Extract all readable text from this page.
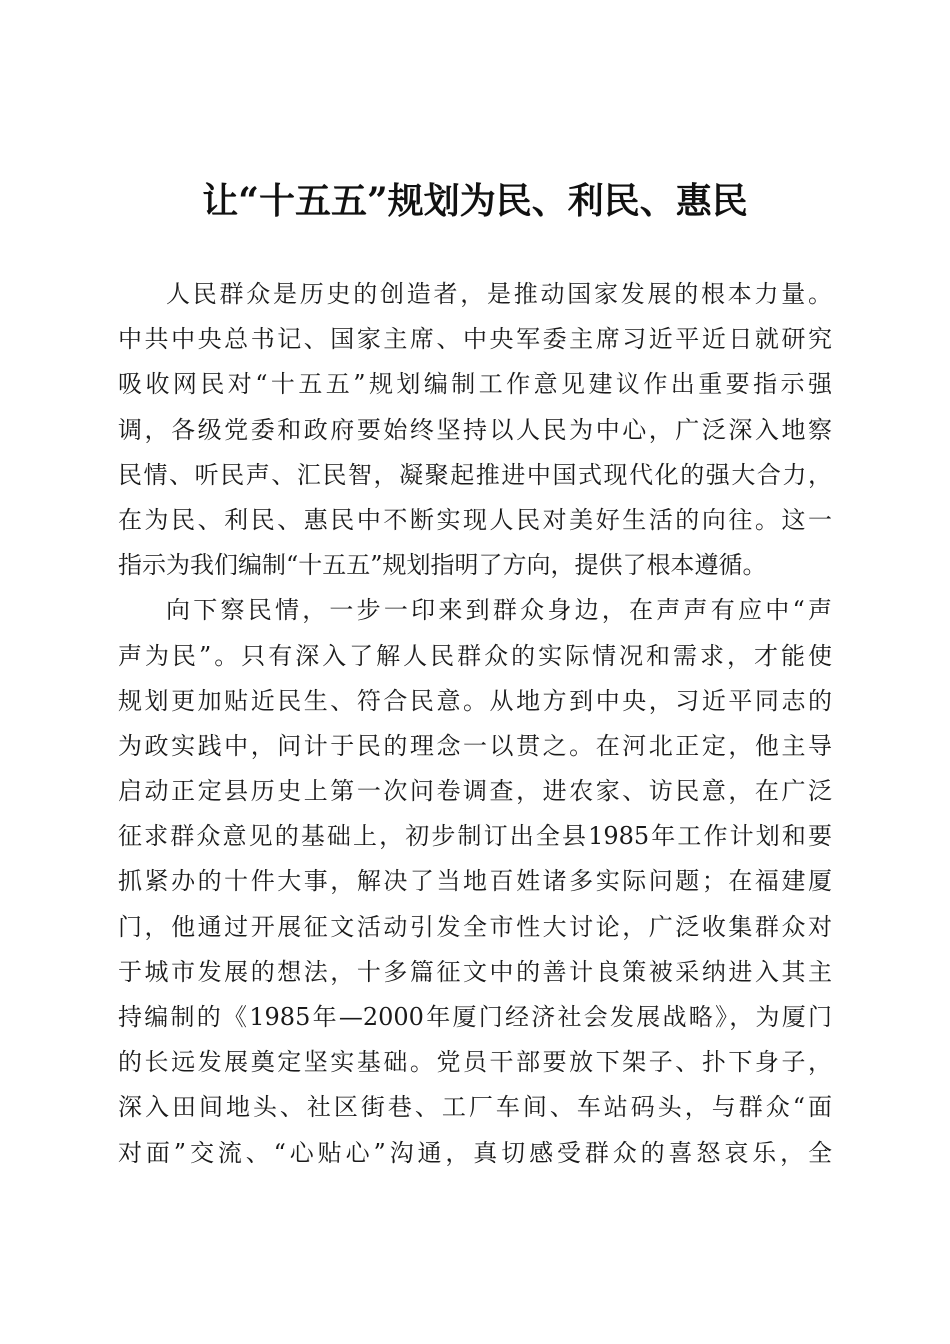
让“十五五”规划为民、利民、惠民
人民群众是历史的创造者，是推动国家发展的根本力量。
中共中央总书记、国家主席、中央军委主席习近平近日就研究
吸收网民对“十五五”规划编制工作意见建议作出重要指示强
调，各级党委和政府要始终坚持以人民为中心，广泛深入地察
民情、听民声、汇民智，凝聚起推进中国式现代化的强大合力，
在为民、利民、惠民中不断实现人民对美好生活的向往。这一
指示为我们编制“十五五”规划指明了方向，提供了根本遵循。
向下察民情，一步一印来到群众身边，在声声有应中“声
声为民”。只有深入了解人民群众的实际情况和需求，才能使
规划更加贴近民生、符合民意。从地方到中央，习近平同志的
为政实践中，问计于民的理念一以贯之。在河北正定，他主导
启动正定县历史上第一次问卷调查，进农家、访民意，在广泛
征求群众意见的基础上，初步制订出全县1985年工作计划和要
抓紧办的十件大事，解决了当地百姓诸多实际问题；在福建厦
门，他通过开展征文活动引发全市性大讨论，广泛收集群众对
于城市发展的想法，十多篇征文中的善计良策被采纳进入其主
持编制的《1985年—2000年厦门经济社会发展战略》，为厦门
的长远发展奠定坚实基础。党员干部要放下架子、扑下身子，
深入田间地头、社区街巷、工厂车间、车站码头，与群众“面
对面”交流、“心贴心”沟通，真切感受群众的喜怒哀乐，全
